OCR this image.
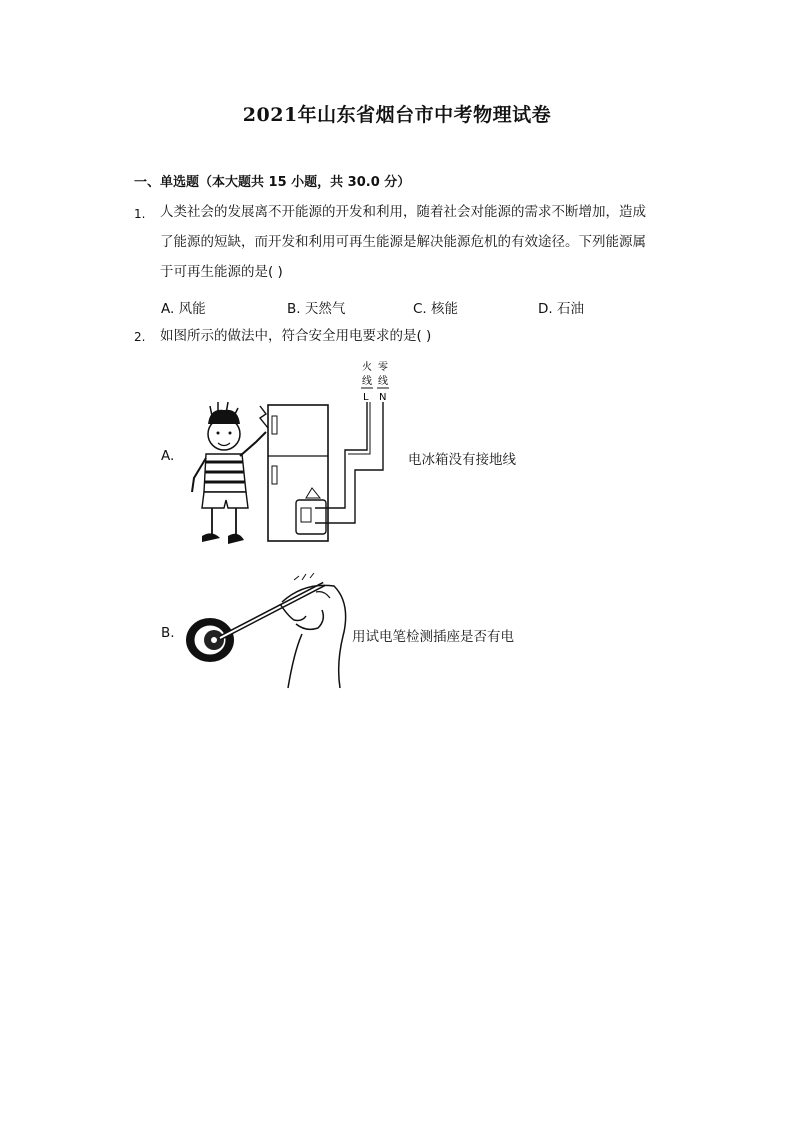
2021年山东省烟台市中考物理试卷
一、单选题（本大题共 15 小题，共 30.0 分）
1. 人类社会的发展离不开能源的开发和利用，随着社会对能源的需求不断增加，造成
了能源的短缺，而开发和利用可再生能源是解决能源危机的有效途径。下列能源属
于可再生能源的是( )
A. 风能	B. 天然气	C. 核能	D. 石油
2. 如图所示的做法中，符合安全用电要求的是( )
A.
火 零
线 线
L N
电冰箱没有接地线
B.	用试电笔检测插座是否有电
